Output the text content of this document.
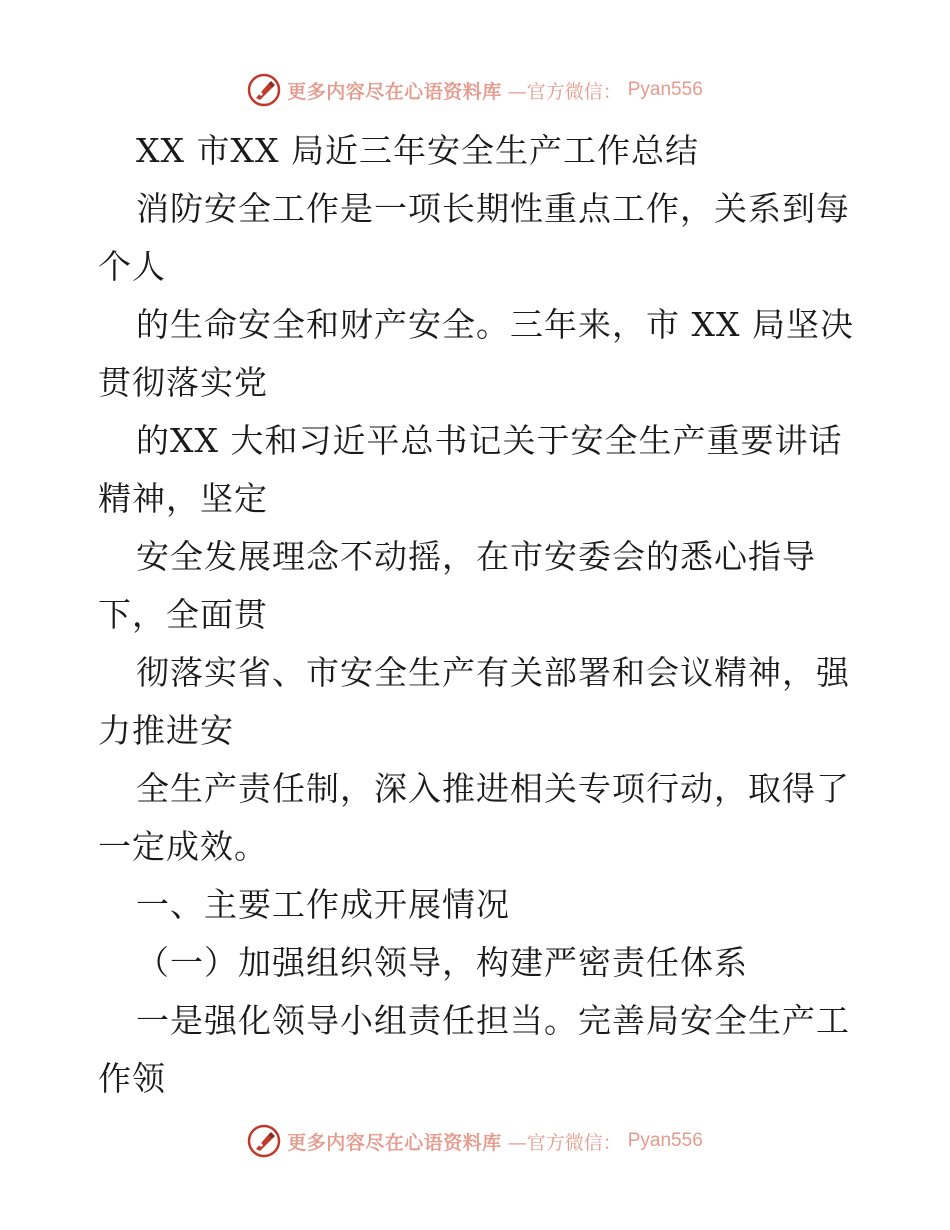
更多内容尽在心语资料库 —官方微信： Pyan556
XX 市XX 局近三年安全生产工作总结
消防安全工作是一项长期性重点工作，关系到每
个人
的生命安全和财产安全。三年来，市 XX 局坚决
贯彻落实党
的XX 大和习近平总书记关于安全生产重要讲话
精神，坚定
安全发展理念不动摇，在市安委会的悉心指导
下，全面贯
彻落实省、市安全生产有关部署和会议精神，强
力推进安
全生产责任制，深入推进相关专项行动，取得了
一定成效。
一、主要工作成开展情况
（一）加强组织领导，构建严密责任体系
一是强化领导小组责任担当。完善局安全生产工
作领
更多内容尽在心语资料库 —官方微信： Pyan556
